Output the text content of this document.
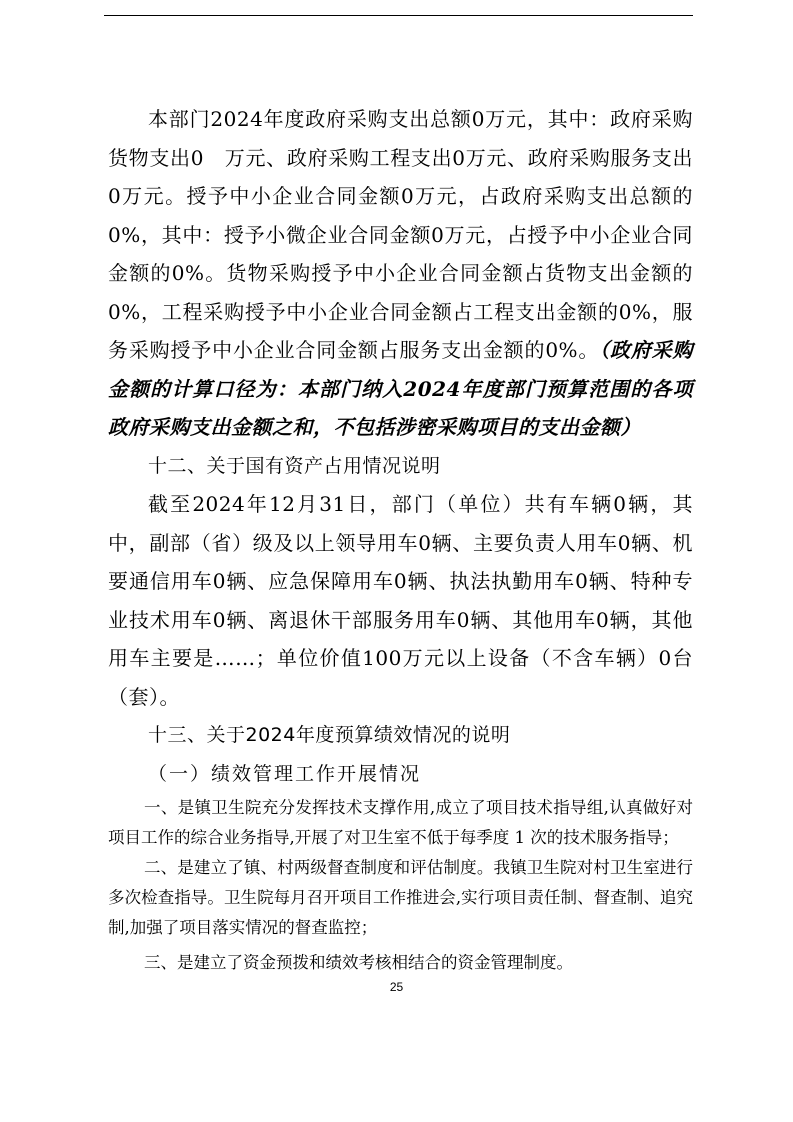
本部门2024年度政府采购支出总额0万元，其中：政府采购货物支出0　万元、政府采购工程支出0万元、政府采购服务支出0万元。授予中小企业合同金额0万元，占政府采购支出总额的0%，其中：授予小微企业合同金额0万元，占授予中小企业合同金额的0%。货物采购授予中小企业合同金额占货物支出金额的0%，工程采购授予中小企业合同金额占工程支出金额的0%，服务采购授予中小企业合同金额占服务支出金额的0%。（政府采购金额的计算口径为：本部门纳入2024年度部门预算范围的各项政府采购支出金额之和，不包括涉密采购项目的支出金额）

十二、关于国有资产占用情况说明

截至2024年12月31日，部门（单位）共有车辆0辆，其中，副部（省）级及以上领导用车0辆、主要负责人用车0辆、机要通信用车0辆、应急保障用车0辆、执法执勤用车0辆、特种专业技术用车0辆、离退休干部服务用车0辆、其他用车0辆，其他用车主要是……；单位价值100万元以上设备（不含车辆）0台（套）。

十三、关于2024年度预算绩效情况的说明

（一）绩效管理工作开展情况

一、是镇卫生院充分发挥技术支撑作用,成立了项目技术指导组,认真做好对项目工作的综合业务指导,开展了对卫生室不低于每季度 1 次的技术服务指导；

二、是建立了镇、村两级督查制度和评估制度。我镇卫生院对村卫生室进行多次检查指导。卫生院每月召开项目工作推进会,实行项目责任制、督查制、追究制,加强了项目落实情况的督查监控；

三、是建立了资金预拨和绩效考核相结合的资金管理制度。

25
